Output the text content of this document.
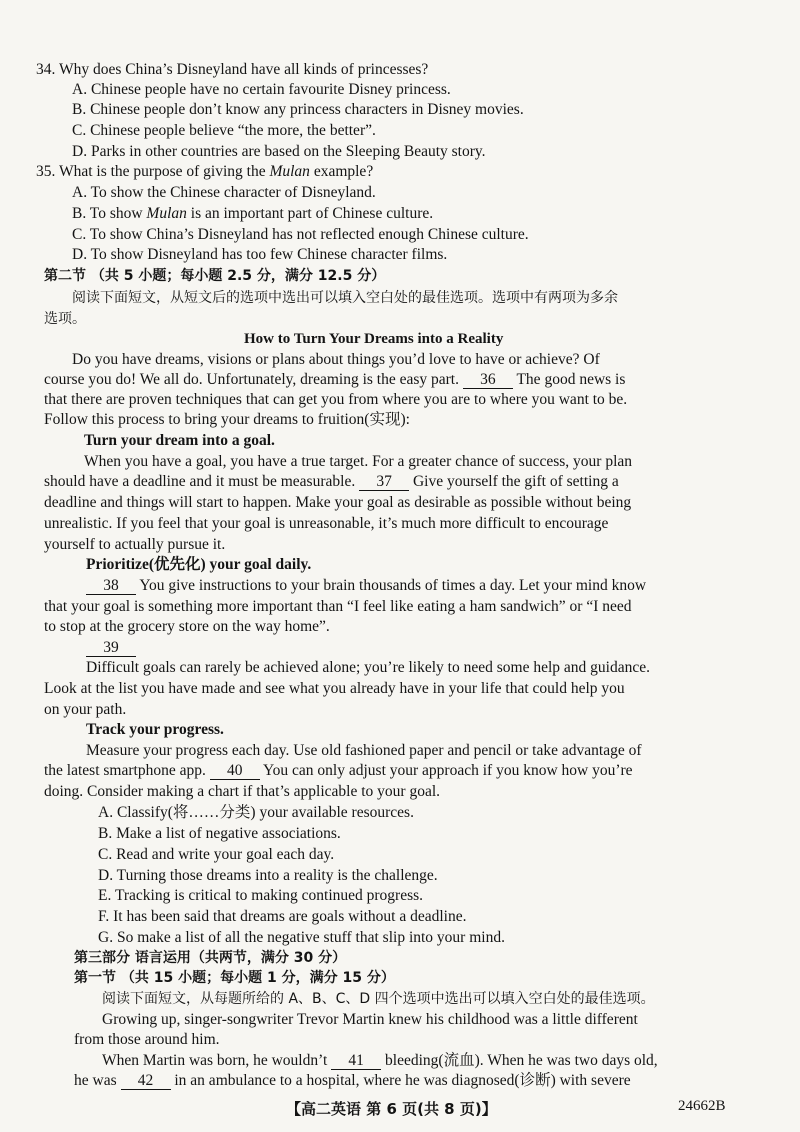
34. Why does China’s Disneyland have all kinds of princesses?
A. Chinese people have no certain favourite Disney princess.
B. Chinese people don’t know any princess characters in Disney movies.
C. Chinese people believe “the more, the better”.
D. Parks in other countries are based on the Sleeping Beauty story.
35. What is the purpose of giving the Mulan example?
A. To show the Chinese character of Disneyland.
B. To show Mulan is an important part of Chinese culture.
C. To show China’s Disneyland has not reflected enough Chinese culture.
D. To show Disneyland has too few Chinese character films.
第二节 （共 5 小题；每小题 2.5 分，满分 12.5 分）
阅读下面短文，从短文后的选项中选出可以填入空白处的最佳选项。选项中有两项为多余
选项。
How to Turn Your Dreams into a Reality
Do you have dreams, visions or plans about things you’d love to have or achieve? Of
course you do! We all do. Unfortunately, dreaming is the easy part. 36 The good news is
that there are proven techniques that can get you from where you are to where you want to be.
Follow this process to bring your dreams to fruition(实现):
Turn your dream into a goal.
When you have a goal, you have a true target. For a greater chance of success, your plan
should have a deadline and it must be measurable. 37 Give yourself the gift of setting a
deadline and things will start to happen. Make your goal as desirable as possible without being
unrealistic. If you feel that your goal is unreasonable, it’s much more difficult to encourage
yourself to actually pursue it.
Prioritize(优先化) your goal daily.
38 You give instructions to your brain thousands of times a day. Let your mind know
that your goal is something more important than “I feel like eating a ham sandwich” or “I need
to stop at the grocery store on the way home”.
39
Difficult goals can rarely be achieved alone; you’re likely to need some help and guidance.
Look at the list you have made and see what you already have in your life that could help you
on your path.
Track your progress.
Measure your progress each day. Use old fashioned paper and pencil or take advantage of
the latest smartphone app. 40 You can only adjust your approach if you know how you’re
doing. Consider making a chart if that’s applicable to your goal.
A. Classify(将……分类) your available resources.
B. Make a list of negative associations.
C. Read and write your goal each day.
D. Turning those dreams into a reality is the challenge.
E. Tracking is critical to making continued progress.
F. It has been said that dreams are goals without a deadline.
G. So make a list of all the negative stuff that slip into your mind.
第三部分 语言运用（共两节，满分 30 分）
第一节 （共 15 小题；每小题 1 分，满分 15 分）
阅读下面短文，从每题所给的 A、B、C、D 四个选项中选出可以填入空白处的最佳选项。
Growing up, singer-songwriter Trevor Martin knew his childhood was a little different
from those around him.
When Martin was born, he wouldn’t 41 bleeding(流血). When he was two days old,
he was 42 in an ambulance to a hospital, where he was diagnosed(诊断) with severe
【高二英语 第 6 页(共 8 页)】	24662B
